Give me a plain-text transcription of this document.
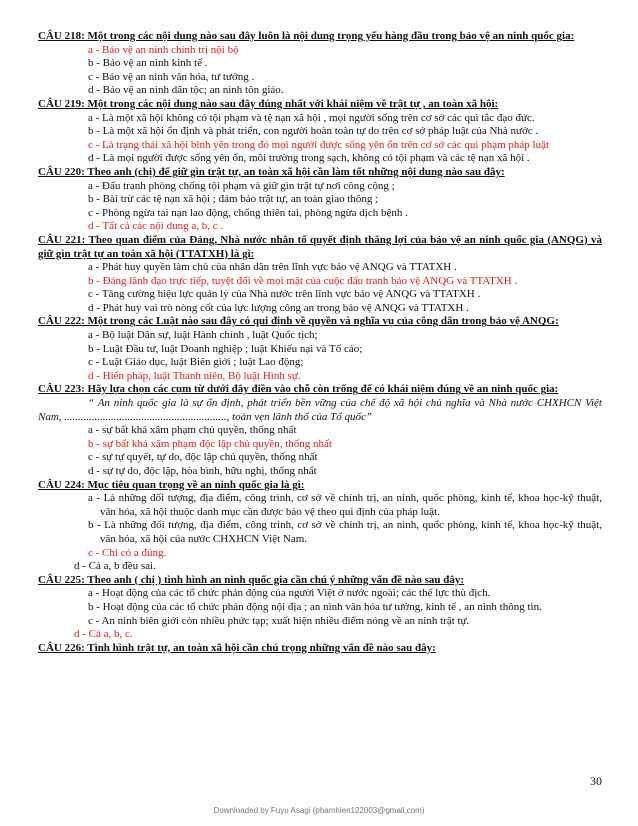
CÂU 218: Một trong các nội dung nào sau đây luôn là nội dung trọng yếu hàng đầu trong bảo vệ an ninh quốc gia:
a - Bảo vệ an ninh chính trị nội bộ
b - Bảo vệ an ninh kinh tế .
c - Bảo vệ an ninh văn hóa, tư tưởng .
d - Bảo vệ an ninh dân tộc; an ninh tôn giáo.
CÂU 219: Một trong các nội dung nào sau đây đúng nhất với khái niệm về trật tự , an toàn xã hội:
a - Là một xã hội không có tội phạm và tệ nạn xã hội , mọi người sống trên cơ sở các qui tắc đạo đức.
b - Là một xã hội ổn định và phát triển, con người hoàn toàn tự do trên cơ sở pháp luật của Nhà nước .
c - Là trạng thái xã hội bình yên trong đó mọi người được sống yên ổn trên cơ sở các qui phạm pháp luật
d - Là mọi người được sống yên ổn, môi trường trong sạch, không có tội phạm và các tệ nạn xã hội .
CÂU 220: Theo anh (chị) để giữ gìn trật tự, an toàn xã hội cần làm tốt những nội dung nào sau đây:
a - Đấu tranh phòng chống tội phạm và giữ gìn trật tự nơi công cộng ;
b - Bài trừ các tệ nạn xã hội ; đảm bảo trật tự, an toàn giao thông ;
c - Phòng ngừa tai nạn lao động, chống thiên tai, phòng ngừa dịch bệnh .
d - Tất cả các nội dung a, b, c .
CÂU 221: Theo quan điểm của Đảng, Nhà nước nhân tố quyết định thắng lợi của bảo vệ an ninh quốc gia (ANQG) và giữ gìn trật tự an toàn xã hội (TTATXH) là gì:
a - Phát huy quyền làm chủ của nhân dân trên lĩnh vực bảo vệ ANQG và TTATXH .
b - Đảng lãnh đạo trực tiếp, tuyệt đối về mọi mặt của cuộc đấu tranh bảo vệ ANQG và TTATXH .
c - Tăng cường hiệu lực quản lý của Nhà nước trên lĩnh vực bảo vệ ANQG và TTATXH .
d - Phát huy vai trò nòng cốt của lực lượng công an trong bảo vệ ANQG và TTATXH .
CÂU 222: Một trong các Luật nào sau đây có qui định về quyền và nghĩa vụ của công dân trong bảo vệ ANQG:
a - Bộ luật Dân sự, luật Hành chính , luật Quốc tịch;
b - Luật Đầu tư, luật Doanh nghiệp ; luật Khiếu nại và Tố cáo;
c - Luật Giáo dục, luật Biên giới ; luật Lao động;
d - Hiến pháp, luật Thanh niên, Bộ luật Hình sự.
CÂU 223: Hãy lựa chọn các cụm từ dưới đây điền vào chỗ còn trống để có khái niệm đúng về an ninh quốc gia:
“ An ninh quốc gia là sự ổn định, phát triển bền vững của chế độ xã hội chủ nghĩa và Nhà nước CHXHCN Việt Nam, ..........................................................., toàn vẹn lãnh thổ của Tổ quốc”
a - sự bất khả xâm phạm chủ quyền, thống nhất
b - sự bất khả xâm phạm độc lập chủ quyền, thống nhất
c - sự tự quyết, tự do, độc lập chủ quyền, thống nhất
d - sự tự do, độc lập, hòa bình, hữu nghị, thống nhất
CÂU 224: Mục tiêu quan trọng về an ninh quốc gia là gì:
a - Là những đối tượng, địa điểm, công trình, cơ sở về chính trị, an ninh, quốc phòng, kinh tế, khoa học-kỹ thuật, văn hóa, xã hội thuộc danh mục cần được bảo vệ theo qui định của pháp luật.
b - Là những đối tượng, địa điểm, công trình, cơ sở về chính trị, an ninh, quốc phòng, kinh tế, khoa học-kỹ thuật, văn hóa, xã hội của nước CHXHCN Việt Nam.
c - Chỉ có a đúng.
d - Cả a, b đều sai.
CÂU 225: Theo anh ( chị ) tình hình an ninh quốc gia cần chú ý những vấn đề nào sau đây:
a - Hoạt động của các tổ chức phản động của người Việt ở nước ngoài; các thế lực thù địch.
b - Hoạt động của các tổ chức phản động nội địa ; an ninh văn hóa tư tưởng, kinh tế , an ninh thông tin.
c - An ninh biên giới còn nhiều phức tạp; xuất hiện nhiều điểm nóng về an ninh trật tự.
d - Cả a, b, c.
CÂU 226: Tình hình trật tự, an toàn xã hội cần chú trọng những vấn đề nào sau đây:
30
Downloaded by Fuyu Asagi (phamhien122003@gmail.com)
